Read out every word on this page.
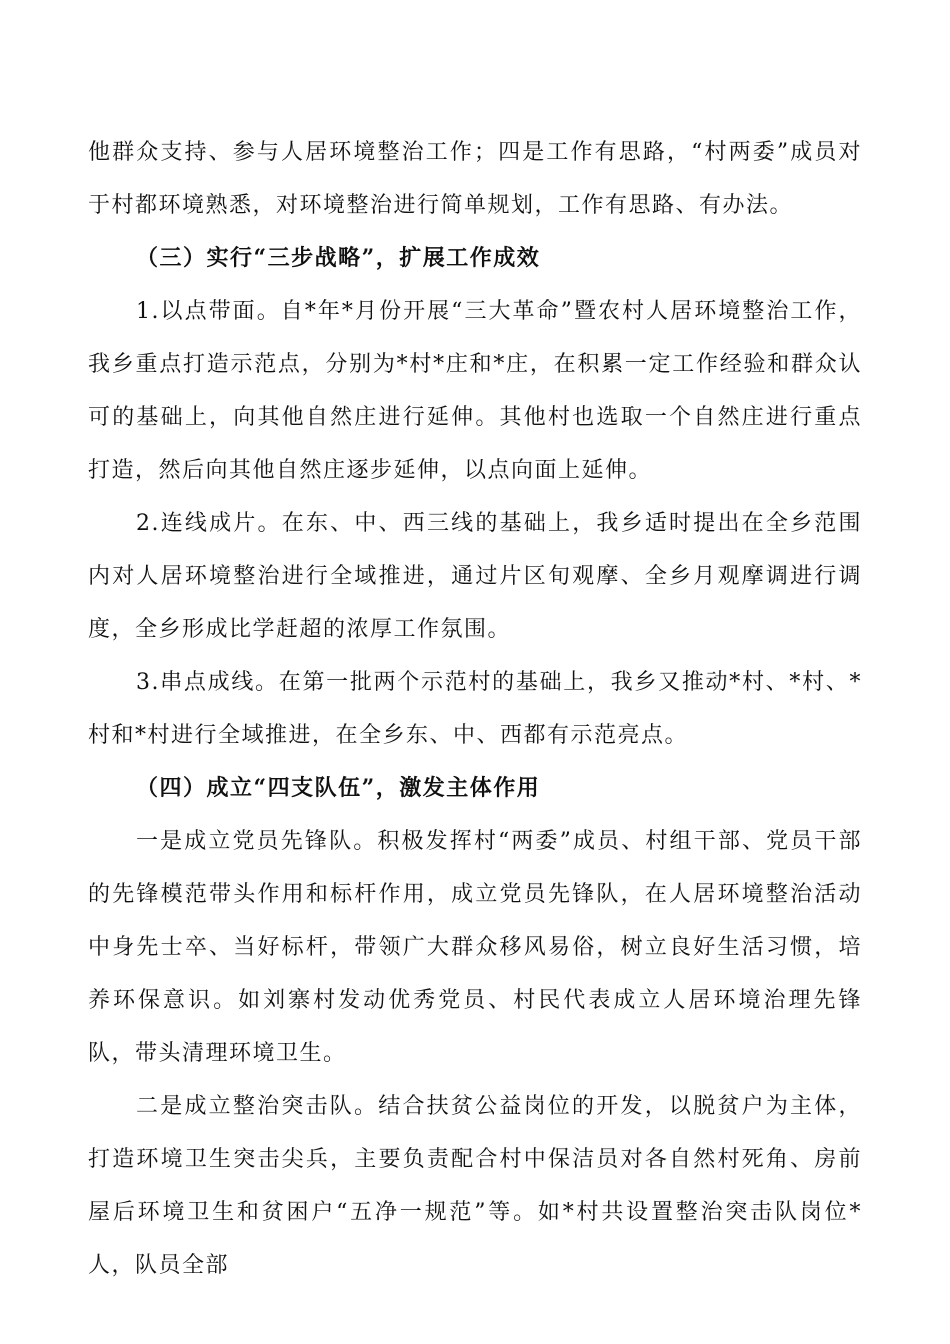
他群众支持、参与人居环境整治工作；四是工作有思路，“村两委”成员对于村都环境熟悉，对环境整治进行简单规划，工作有思路、有办法。

（三）实行“三步战略”，扩展工作成效

1.以点带面。自*年*月份开展“三大革命”暨农村人居环境整治工作，我乡重点打造示范点，分别为*村*庄和*庄，在积累一定工作经验和群众认可的基础上，向其他自然庄进行延伸。其他村也选取一个自然庄进行重点打造，然后向其他自然庄逐步延伸，以点向面上延伸。

2.连线成片。在东、中、西三线的基础上，我乡适时提出在全乡范围内对人居环境整治进行全域推进，通过片区旬观摩、全乡月观摩调进行调度，全乡形成比学赶超的浓厚工作氛围。

3.串点成线。在第一批两个示范村的基础上，我乡又推动*村、*村、*村和*村进行全域推进，在全乡东、中、西都有示范亮点。

（四）成立“四支队伍”，激发主体作用

一是成立党员先锋队。积极发挥村“两委”成员、村组干部、党员干部的先锋模范带头作用和标杆作用，成立党员先锋队，在人居环境整治活动中身先士卒、当好标杆，带领广大群众移风易俗，树立良好生活习惯，培养环保意识。如刘寨村发动优秀党员、村民代表成立人居环境治理先锋队，带头清理环境卫生。

二是成立整治突击队。结合扶贫公益岗位的开发，以脱贫户为主体，打造环境卫生突击尖兵，主要负责配合村中保洁员对各自然村死角、房前屋后环境卫生和贫困户“五净一规范”等。如*村共设置整治突击队岗位*人，队员全部
